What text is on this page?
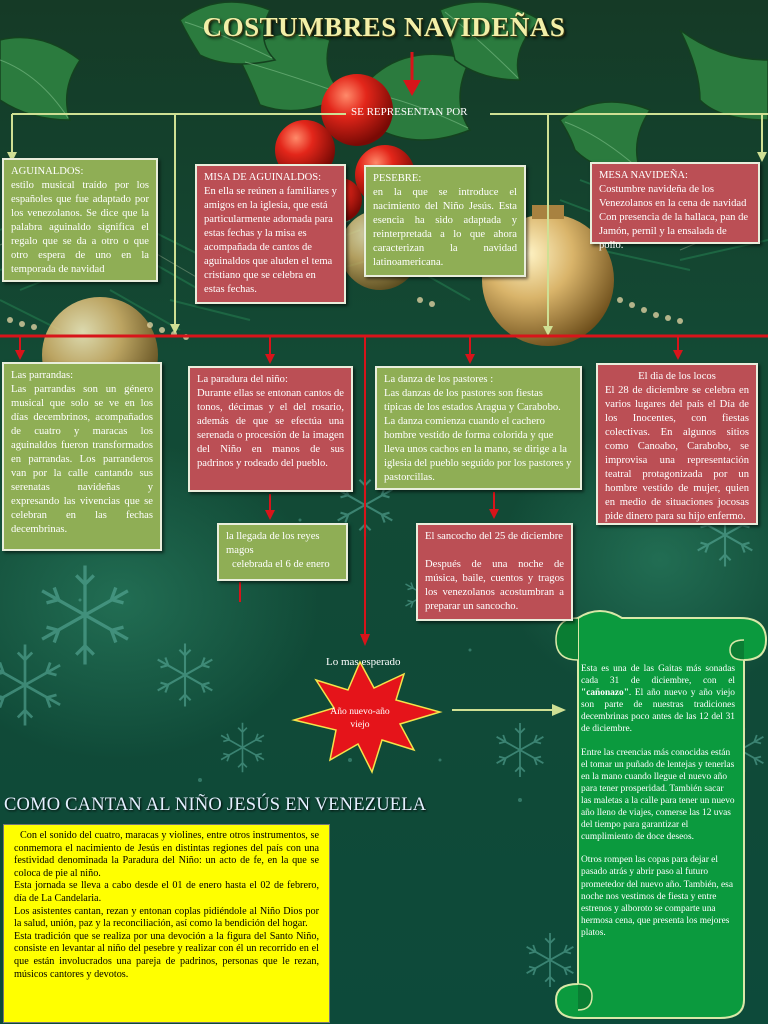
COSTUMBRES NAVIDEÑAS
SE REPRESENTAN POR
AGUINALDOS:
estilo musical traído por los españoles que fue adaptado por los venezolanos. Se dice que la palabra aguinaldo significa el regalo que se da a otro o que otro espera de uno en la temporada de navidad
MISA DE AGUINALDOS:
En ella se reúnen a familiares y amigos en la iglesia, que está particularmente adornada para estas fechas y la misa es acompañada de cantos de aguinaldos que aluden el tema cristiano que se celebra en estas fechas.
PESEBRE:
en la que se introduce el nacimiento del Niño Jesús. Esta esencia ha sido adaptada y reinterpretada a lo que ahora caracterizan la navidad latinoamericana.
MESA NAVIDEÑA:
Costumbre navideña de los Venezolanos en la cena de navidad Con presencia de la hallaca, pan de Jamón, pernil y la ensalada de pollo.
Las parrandas:
Las parrandas son un género musical que solo se ve en los días decembrinos, acompañados de cuatro y maracas los aguinaldos fueron transformados en parrandas. Los parranderos van por la calle cantando sus serenatas navideñas y expresando las vivencias que se celebran en las fechas decembrinas.
La paradura del niño:
Durante ellas se entonan cantos de tonos, décimas y el del rosario, además de que se efectúa una serenada o procesión de la imagen del Niño en manos de sus padrinos y rodeado del pueblo.
La danza de los pastores :
Las danzas de los pastores son fiestas típicas de los estados Aragua y Carabobo. La danza comienza cuando el cachero hombre vestido de forma colorida y que lleva unos cachos en la mano, se dirige a la iglesia del pueblo seguido por los pastores y pastorcillas.
El dia de los locos
El 28 de diciembre se celebra en varios lugares del país el Día de los Inocentes, con fiestas colectivas. En algunos sitios como Canoabo, Carabobo, se improvisa una representación teatral protagonizada por un hombre vestido de mujer, quien en medio de situaciones jocosas pide dinero para su hijo enfermo.
la llegada de los reyes magos
celebrada el 6 de enero
El sancocho del 25 de diciembre
Después de una noche de música, baile, cuentos y tragos los venezolanos acostumbran a preparar un sancocho.
Lo mas esperado
Año nuevo-año viejo

Esta es una de las Gaitas más sonadas cada 31 de diciembre, con el "cañonazo". El año nuevo y año viejo son parte de nuestras tradiciones decembrinas poco antes de las 12 del 31 de diciembre.

Entre las creencias más conocidas están el tomar un puñado de lentejas y tenerlas en la mano cuando llegue el nuevo año para tener prosperidad. También sacar las maletas a la calle para tener un nuevo año lleno de viajes, comerse las 12 uvas del tiempo para garantizar el cumplimiento de doce deseos.

Otros rompen las copas para dejar el pasado atrás y abrir paso al futuro prometedor del nuevo año. También, esa noche nos vestimos de fiesta y entre estrenos y alboroto se comparte una hermosa cena, que presenta los mejores platos.

COMO CANTAN AL NIÑO JESÚS EN VENEZUELA
Con el sonido del cuatro, maracas y violines, entre otros instrumentos, se conmemora el nacimiento de Jesús en distintas regiones del país con una festividad denominada la Paradura del Niño: un acto de fe, en la que se coloca de pie al niño.
Esta jornada se lleva a cabo desde el 01 de enero hasta el 02 de febrero, día de La Candelaria.
Los asistentes cantan, rezan y entonan coplas pidiéndole al Niño Dios por la salud, unión, paz y la reconciliación, así como la bendición del hogar.
Esta tradición que se realiza por una devoción a la figura del Santo Niño, consiste en levantar al niño del pesebre y realizar con él un recorrido en el que están involucrados una pareja de padrinos, personas que le rezan, músicos cantores y devotos.
